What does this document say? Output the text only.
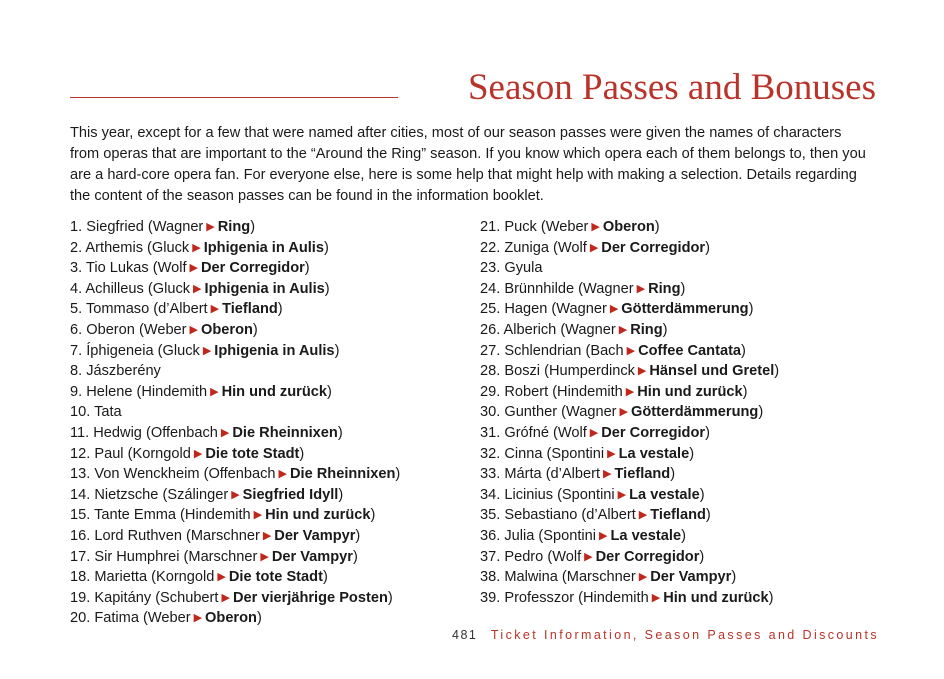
Season Passes and Bonuses

This year, except for a few that were named after cities, most of our season passes were given the names of characters from operas that are important to the “Around the Ring” season. If you know which opera each of them belongs to, then you are a hard-core opera fan. For everyone else, here is some help that might help with making a selection. Details regarding the content of the season passes can be found in the information booklet.

1. Siegfried (Wagner ▶ Ring)
2. Arthemis (Gluck ▶ Iphigenia in Aulis)
3. Tio Lukas (Wolf ▶ Der Corregidor)
4. Achilleus (Gluck ▶ Iphigenia in Aulis)
5. Tommaso (d’Albert ▶ Tiefland)
6. Oberon (Weber ▶ Oberon)
7. Íphigeneia (Gluck ▶ Iphigenia in Aulis)
8. Jászberény
9. Helene (Hindemith ▶ Hin und zurück)
10. Tata
11. Hedwig (Offenbach ▶ Die Rheinnixen)
12. Paul (Korngold ▶ Die tote Stadt)
13. Von Wenckheim (Offenbach ▶ Die Rheinnixen)
14. Nietzsche (Szálinger ▶ Siegfried Idyll)
15. Tante Emma (Hindemith ▶ Hin und zurück)
16. Lord Ruthven (Marschner ▶ Der Vampyr)
17. Sir Humphrei (Marschner ▶ Der Vampyr)
18. Marietta (Korngold ▶ Die tote Stadt)
19. Kapitány (Schubert ▶ Der vierjährige Posten)
20. Fatima (Weber ▶ Oberon)
21. Puck (Weber ▶ Oberon)
22. Zuniga (Wolf ▶ Der Corregidor)
23. Gyula
24. Brünnhilde (Wagner ▶ Ring)
25. Hagen (Wagner ▶ Götterdämmerung)
26. Alberich (Wagner ▶ Ring)
27. Schlendrian (Bach ▶ Coffee Cantata)
28. Boszi (Humperdinck ▶ Hänsel und Gretel)
29. Robert (Hindemith ▶ Hin und zurück)
30. Gunther (Wagner ▶ Götterdämmerung)
31. Grófné (Wolf ▶ Der Corregidor)
32. Cinna (Spontini ▶ La vestale)
33. Márta (d’Albert ▶ Tiefland)
34. Licinius (Spontini ▶ La vestale)
35. Sebastiano (d’Albert ▶ Tiefland)
36. Julia (Spontini ▶ La vestale)
37. Pedro (Wolf ▶ Der Corregidor)
38. Malwina (Marschner ▶ Der Vampyr)
39. Professzor (Hindemith ▶ Hin und zurück)
481 Ticket Information, Season Passes and Discounts
